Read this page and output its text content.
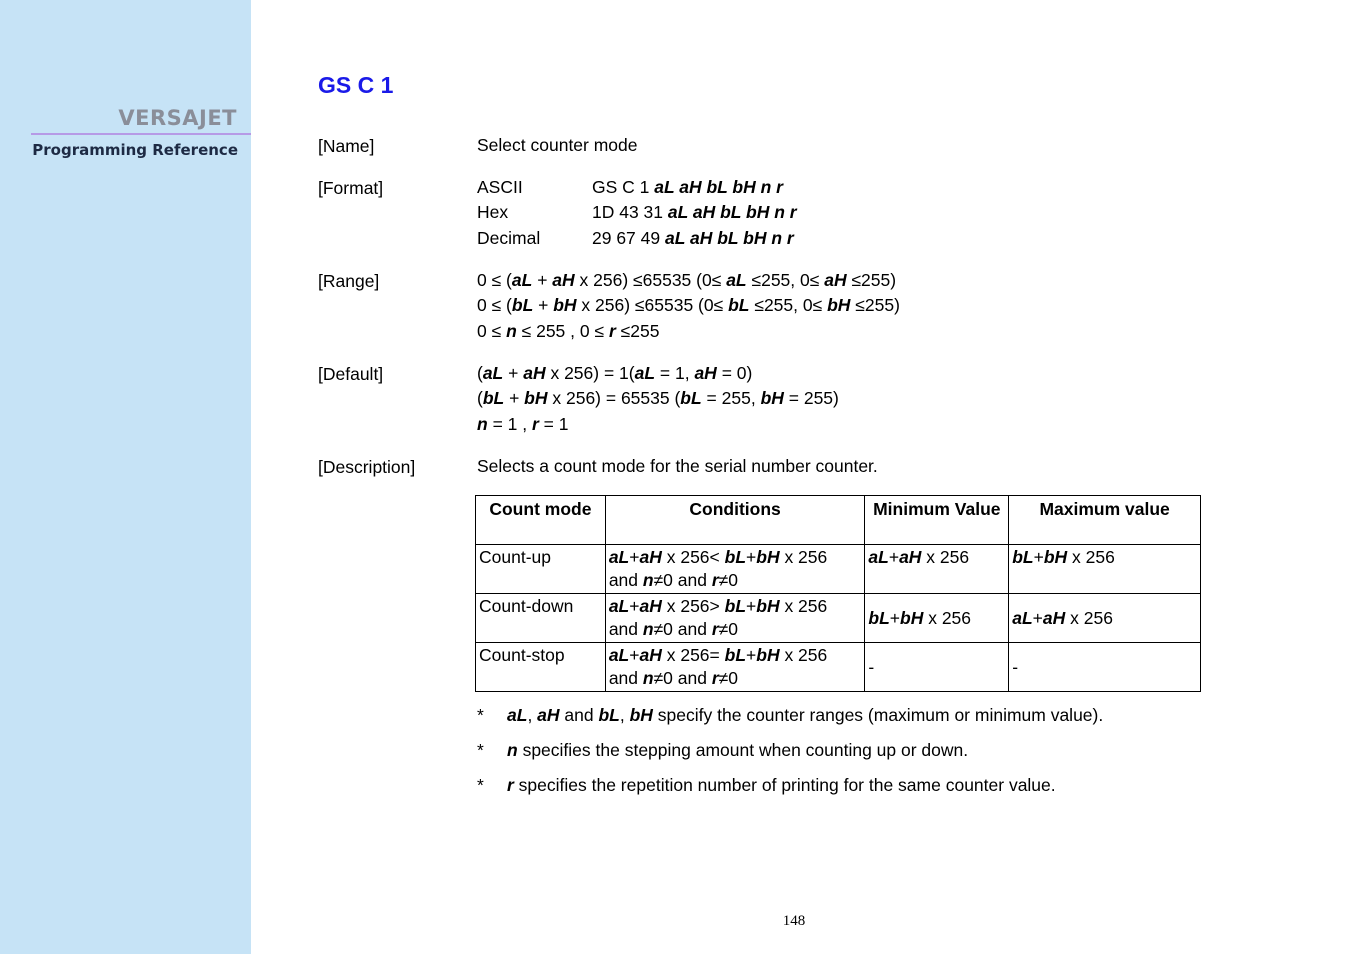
VERSAJET
Programming Reference
GS C 1
[Name]	Select counter mode
[Format]	ASCII	GS C 1 aL aH bL bH n r
Hex	1D 43 31 aL aH bL bH n r
Decimal	29 67 49 aL aH bL bH n r
[Range]	0 ≤ (aL + aH x 256) ≤65535 (0≤ aL ≤255, 0≤ aH ≤255)
0 ≤ (bL + bH x 256) ≤65535 (0≤ bL ≤255, 0≤ bH ≤255)
0 ≤ n ≤ 255 , 0 ≤ r ≤255
[Default]	(aL + aH x 256) = 1(aL = 1, aH = 0)
(bL + bH x 256) = 65535 (bL = 255, bH = 255)
n = 1 , r = 1
[Description]	Selects a count mode for the serial number counter.
Count mode	Conditions	Minimum Value	Maximum value
Count-up	aL+aH x 256< bL+bH x 256
and n≠0 and r≠0	aL+aH x 256	bL+bH x 256
Count-down	aL+aH x 256> bL+bH x 256
and n≠0 and r≠0	bL+bH x 256	aL+aH x 256
Count-stop	aL+aH x 256= bL+bH x 256
and n≠0 and r≠0	-	-
* aL, aH and bL, bH specify the counter ranges (maximum or minimum value).
* n specifies the stepping amount when counting up or down.
* r specifies the repetition number of printing for the same counter value.
148
